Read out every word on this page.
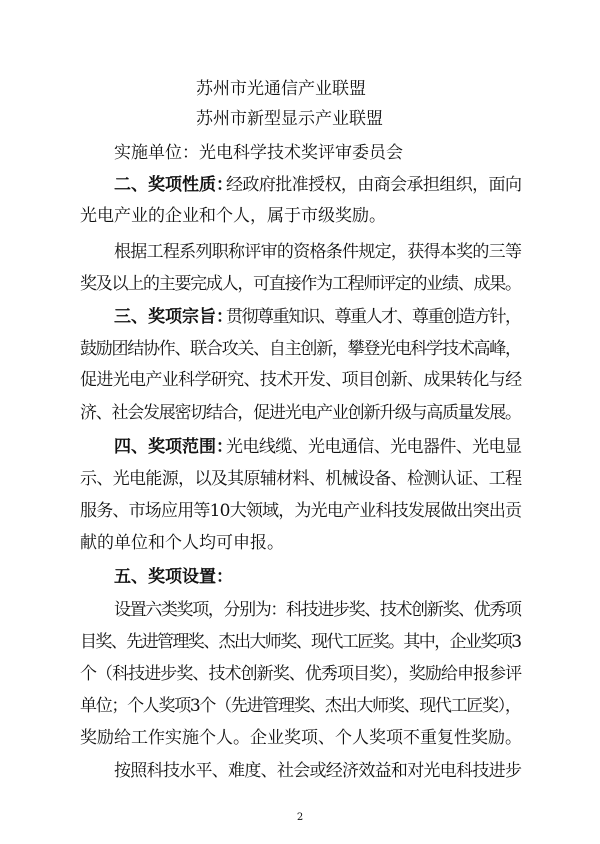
苏州市光通信产业联盟
苏州市新型显示产业联盟
实施单位：光电科学技术奖评审委员会
二、奖项性质：
经政府批准授权，由商会承担组织，面向
光电产业的企业和个人，属于市级奖励。
根据工程系列职称评审的资格条件规定，获得本奖的三等
奖及以上的主要完成人，可直接作为工程师评定的业绩、成果。
三、奖项宗旨：
贯彻尊重知识、尊重人才、尊重创造方针，
鼓励团结协作、联合攻关、自主创新，攀登光电科学技术高峰，
促进光电产业科学研究、技术开发、项目创新、成果转化与经
济、社会发展密切结合，促进光电产业创新升级与高质量发展。
四、奖项范围：
光电线缆、光电通信、光电器件、光电显
示、光电能源，以及其原辅材料、机械设备、检测认证、工程
服务、市场应用等10大领域，为光电产业科技发展做出突出贡
献的单位和个人均可申报。
五、奖项设置：
设置六类奖项，分别为：科技进步奖、技术创新奖、优秀项
目奖、先进管理奖、杰出大师奖、现代工匠奖。其中，企业奖项3
个（科技进步奖、技术创新奖、优秀项目奖），奖励给申报参评
单位；个人奖项3个（先进管理奖、杰出大师奖、现代工匠奖），
奖励给工作实施个人。企业奖项、个人奖项不重复性奖励。
按照科技水平、难度、社会或经济效益和对光电科技进步
2
